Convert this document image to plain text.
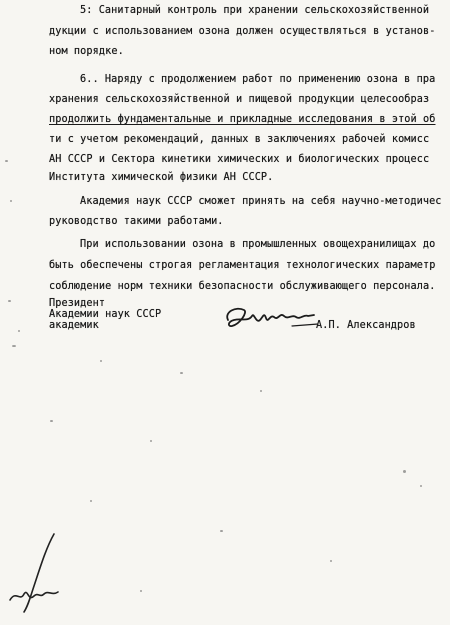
5: Санитарный контроль при хранении сельскохозяйственной
дукции с использованием озона должен осуществляться в установ-
ном порядке.
6.. Наряду с продолжением работ по применению озона в пра
хранения сельскохозяйственной и пищевой продукции целесообраз
продолжить фундаментальные и прикладные исследования в этой об
ти с учетом рекомендаций, данных в заключениях рабочей комисс
АН СССР и Сектора кинетики химических и биологических процесс
Института химической физики АН СССР.
Академия наук СССР сможет принять на себя научно-методичес
руководство такими работами.
При использовании озона в промышленных овощехранилищах до
быть обеспечены строгая регламентация технологических параметр
соблюдение норм техники безопасности обслуживающего персонала.
Президент
Академии наук СССР
академик	А.П. Александров
